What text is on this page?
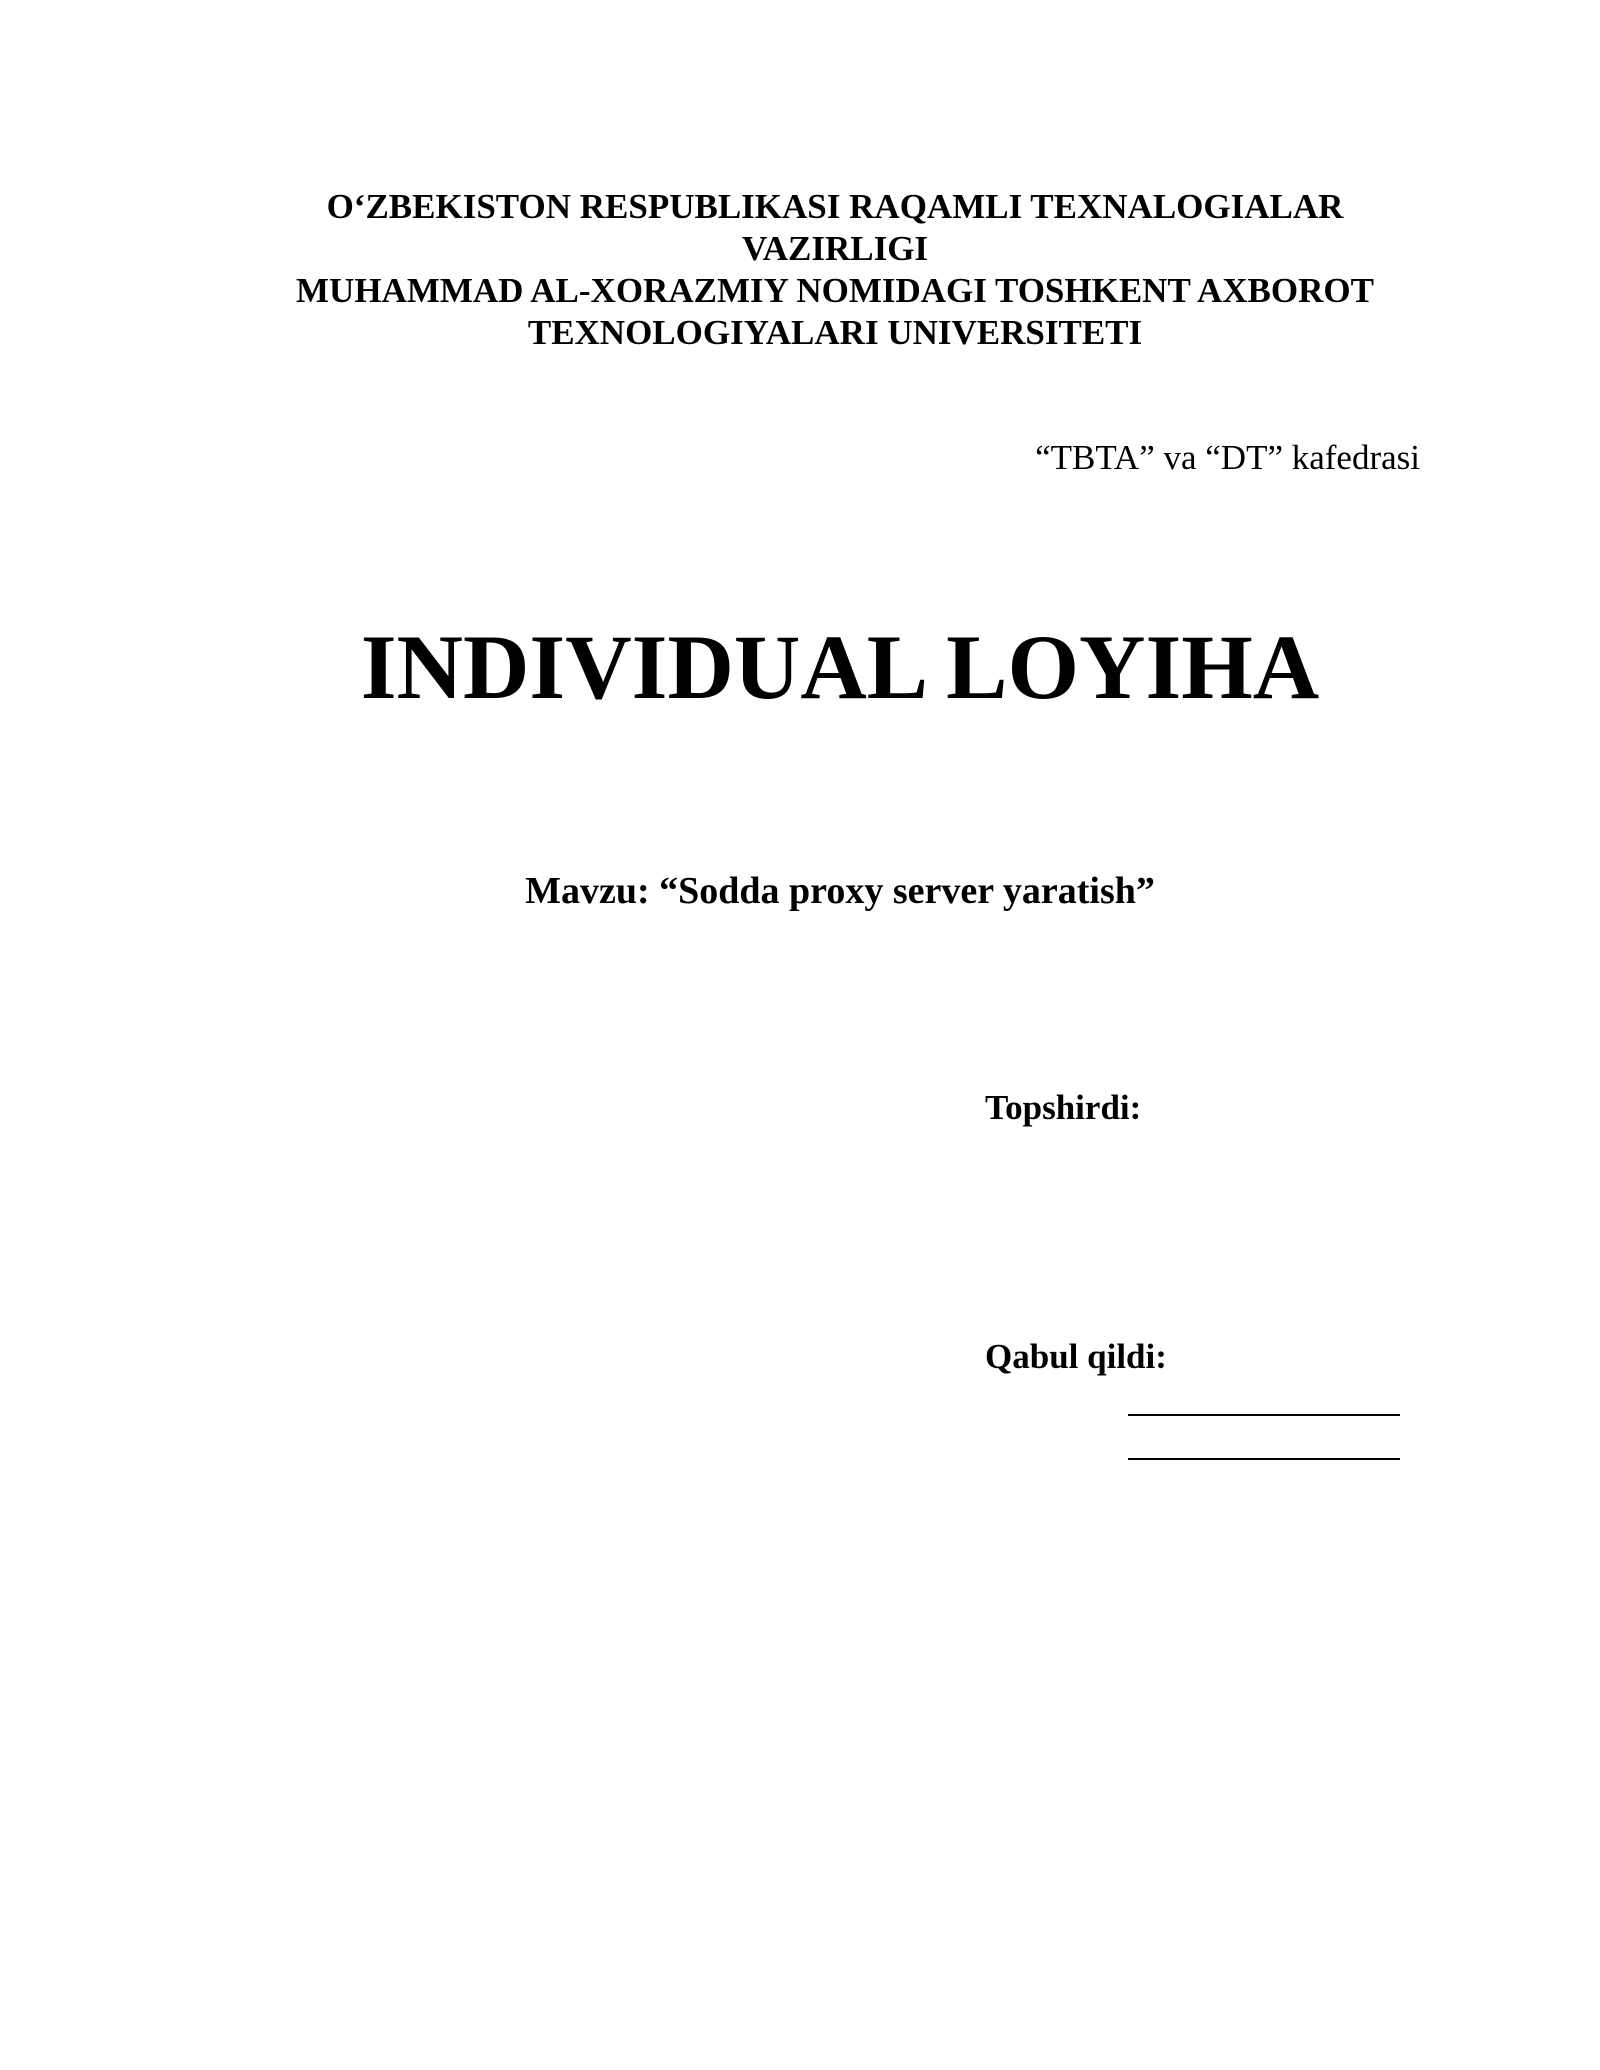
O‘ZBEKISTON RESPUBLIKASI RAQAMLI TEXNALOGIALAR
VAZIRLIGI
MUHAMMAD AL-XORAZMIY NOMIDAGI TOSHKENT AXBOROT
TEXNOLOGIYALARI UNIVERSITETI
“TBTA” va “DT” kafedrasi
INDIVIDUAL LOYIHA
Mavzu: “Sodda proxy server yaratish”
Topshirdi:
Qabul qildi:
